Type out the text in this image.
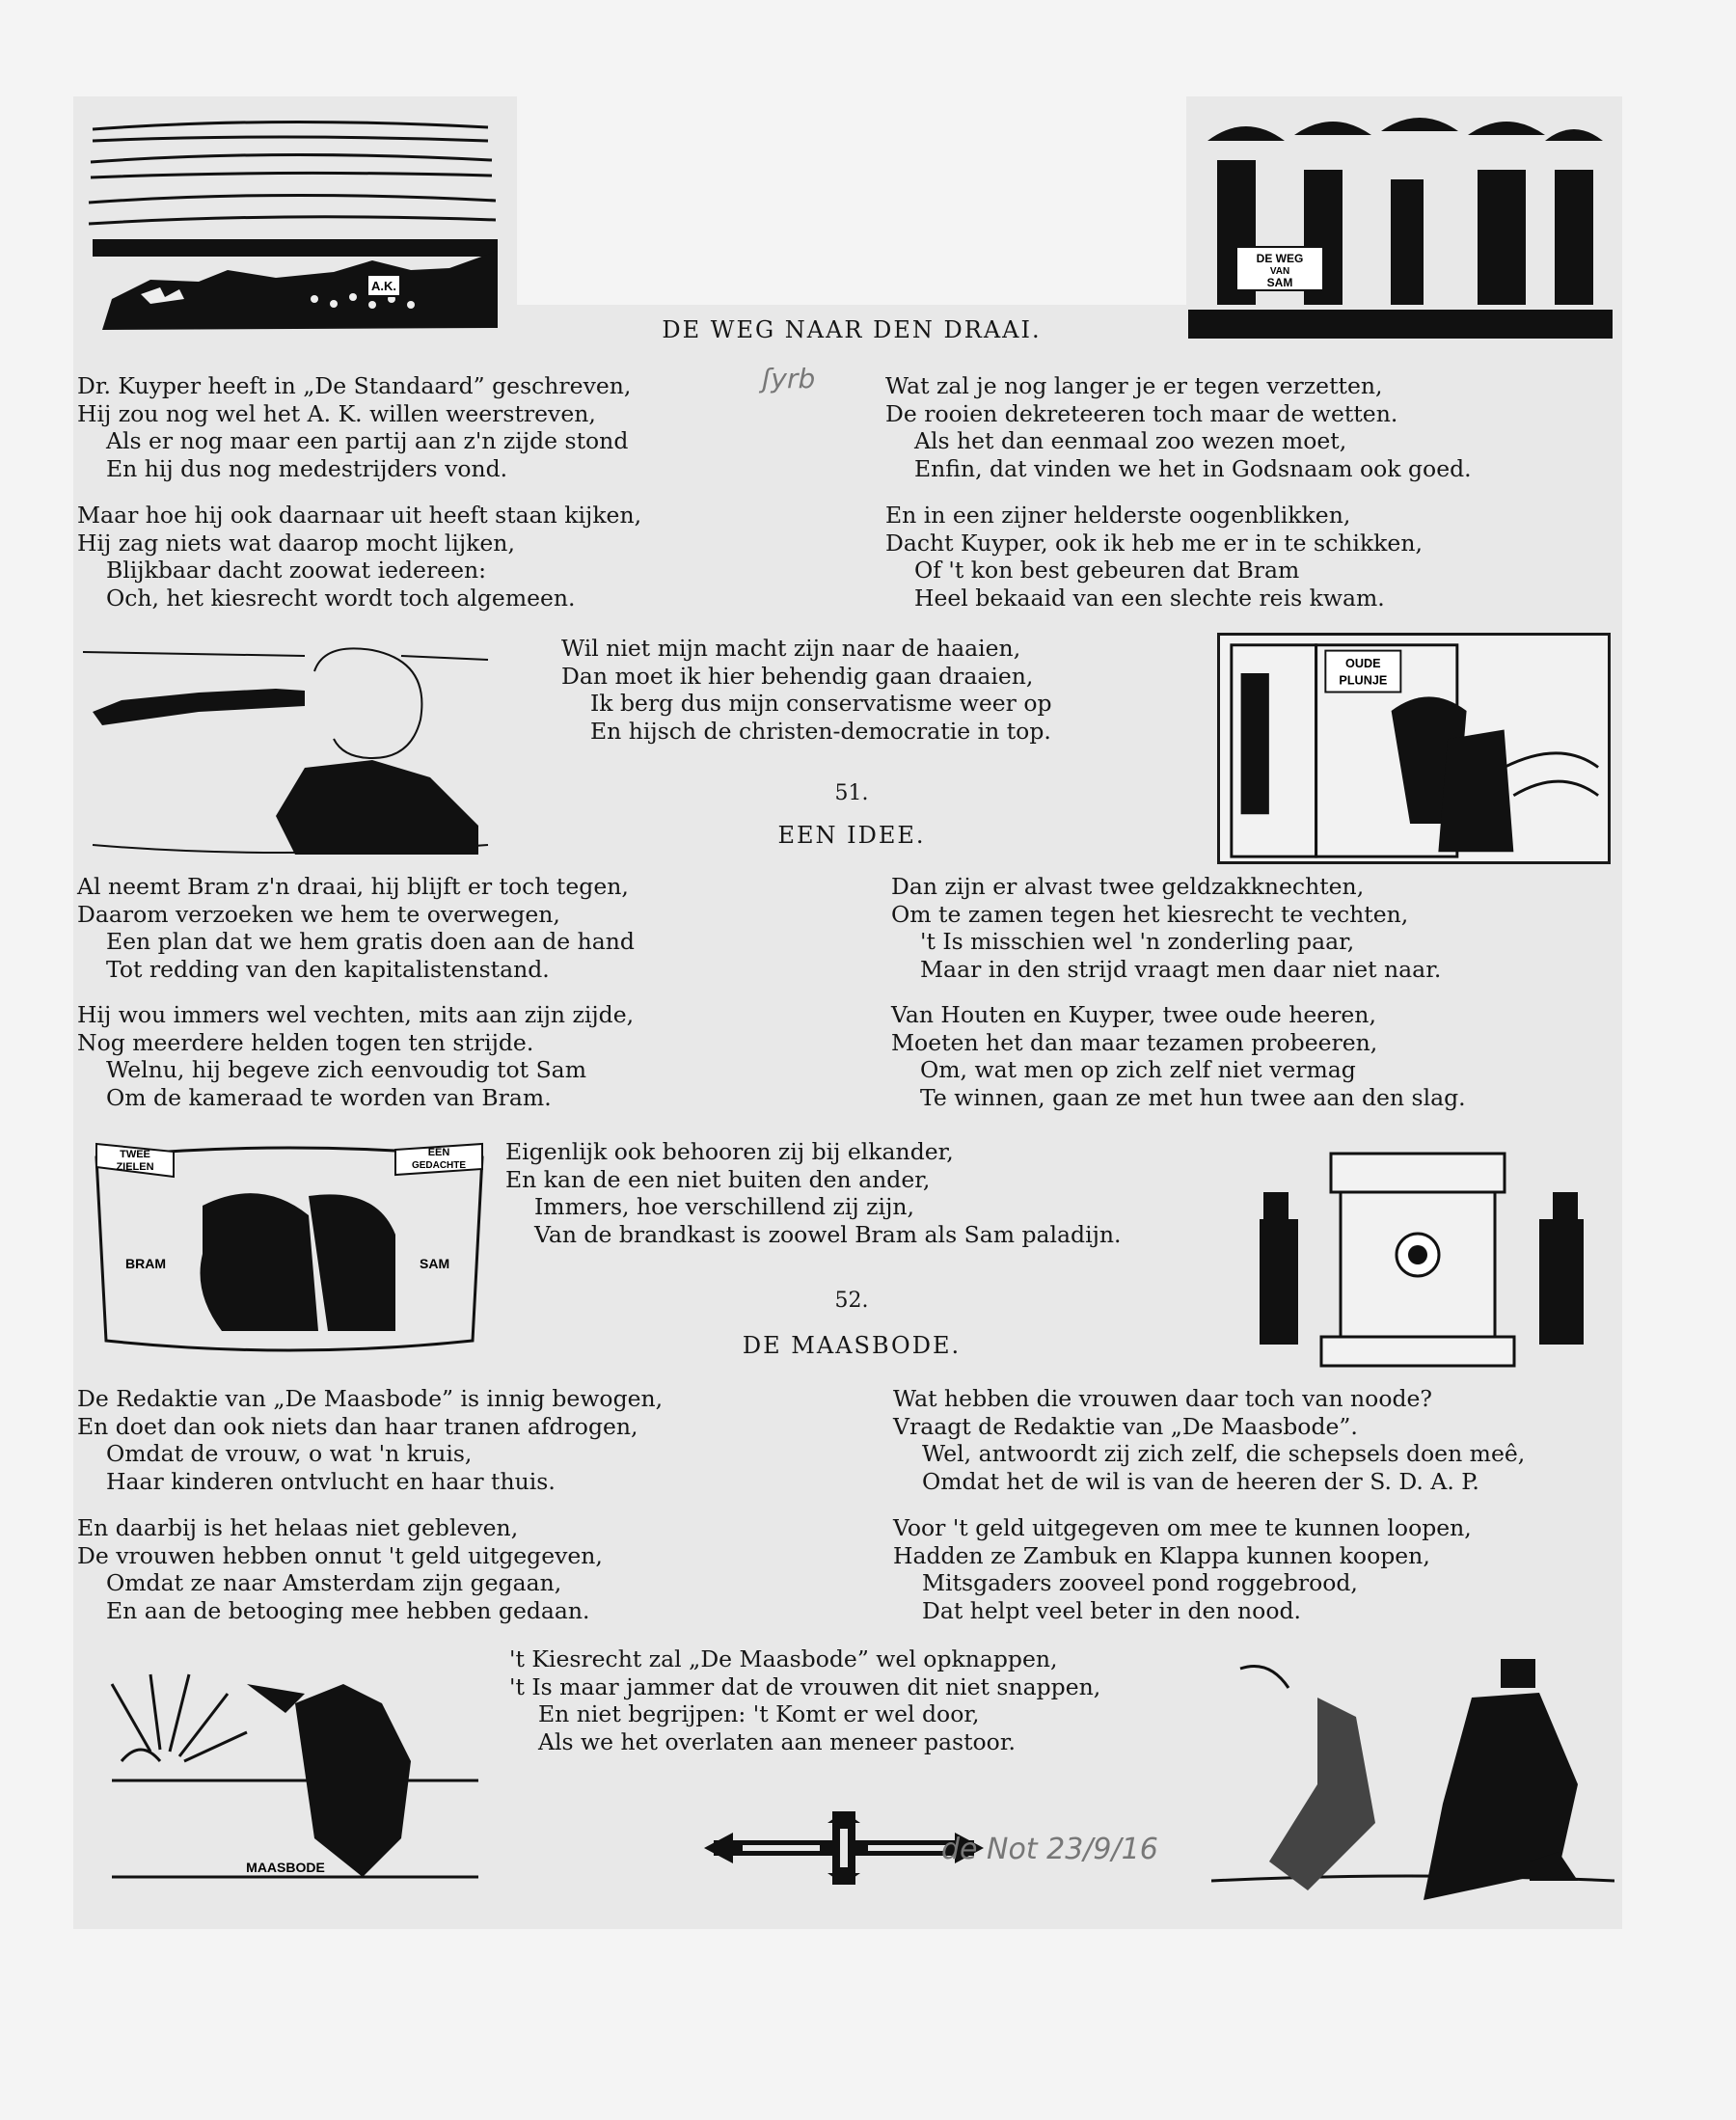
A.K.
DE WEG
VAN
SAM
DE WEG NAAR DEN DRAAI.
ʃyrb
Dr. Kuyper heeft in „De Standaard” geschreven,
Hij zou nog wel het A. K. willen weerstreven,
Als er nog maar een partij aan z'n zijde stond
En hij dus nog medestrijders vond.
Maar hoe hij ook daarnaar uit heeft staan kijken,
Hij zag niets wat daarop mocht lijken,
Blijkbaar dacht zoowat iedereen:
Och, het kiesrecht wordt toch algemeen.
Wat zal je nog langer je er tegen verzetten,
De rooien dekreteeren toch maar de wetten.
Als het dan eenmaal zoo wezen moet,
Enfin, dat vinden we het in Godsnaam ook goed.
En in een zijner helderste oogenblikken,
Dacht Kuyper, ook ik heb me er in te schikken,
Of 't kon best gebeuren dat Bram
Heel bekaaid van een slechte reis kwam.
Wil niet mijn macht zijn naar de haaien,
Dan moet ik hier behendig gaan draaien,
Ik berg dus mijn conservatisme weer op
En hijsch de christen-democratie in top.
OUDE
PLUNJE
51.
EEN IDEE.
Al neemt Bram z'n draai, hij blijft er toch tegen,
Daarom verzoeken we hem te overwegen,
Een plan dat we hem gratis doen aan de hand
Tot redding van den kapitalistenstand.
Hij wou immers wel vechten, mits aan zijn zijde,
Nog meerdere helden togen ten strijde.
Welnu, hij begeve zich eenvoudig tot Sam
Om de kameraad te worden van Bram.
Dan zijn er alvast twee geldzakknechten,
Om te zamen tegen het kiesrecht te vechten,
't Is misschien wel 'n zonderling paar,
Maar in den strijd vraagt men daar niet naar.
Van Houten en Kuyper, twee oude heeren,
Moeten het dan maar tezamen probeeren,
Om, wat men op zich zelf niet vermag
Te winnen, gaan ze met hun twee aan den slag.
TWEE
ZIELEN
EEN
GEDACHTE
BRAM	SAM
Eigenlijk ook behooren zij bij elkander,
En kan de een niet buiten den ander,
Immers, hoe verschillend zij zijn,
Van de brandkast is zoowel Bram als Sam paladijn.
52.
DE MAASBODE.
De Redaktie van „De Maasbode” is innig bewogen,
En doet dan ook niets dan haar tranen afdrogen,
Omdat de vrouw, o wat 'n kruis,
Haar kinderen ontvlucht en haar thuis.
En daarbij is het helaas niet gebleven,
De vrouwen hebben onnut 't geld uitgegeven,
Omdat ze naar Amsterdam zijn gegaan,
En aan de betooging mee hebben gedaan.
Wat hebben die vrouwen daar toch van noode?
Vraagt de Redaktie van „De Maasbode”.
Wel, antwoordt zij zich zelf, die schepsels doen meê,
Omdat het de wil is van de heeren der S. D. A. P.
Voor 't geld uitgegeven om mee te kunnen loopen,
Hadden ze Zambuk en Klappa kunnen koopen,
Mitsgaders zooveel pond roggebrood,
Dat helpt veel beter in den nood.
MAASBODE
't Kiesrecht zal „De Maasbode” wel opknappen,
't Is maar jammer dat de vrouwen dit niet snappen,
En niet begrijpen: 't Komt er wel door,
Als we het overlaten aan meneer pastoor.
de Not 23/9/16
